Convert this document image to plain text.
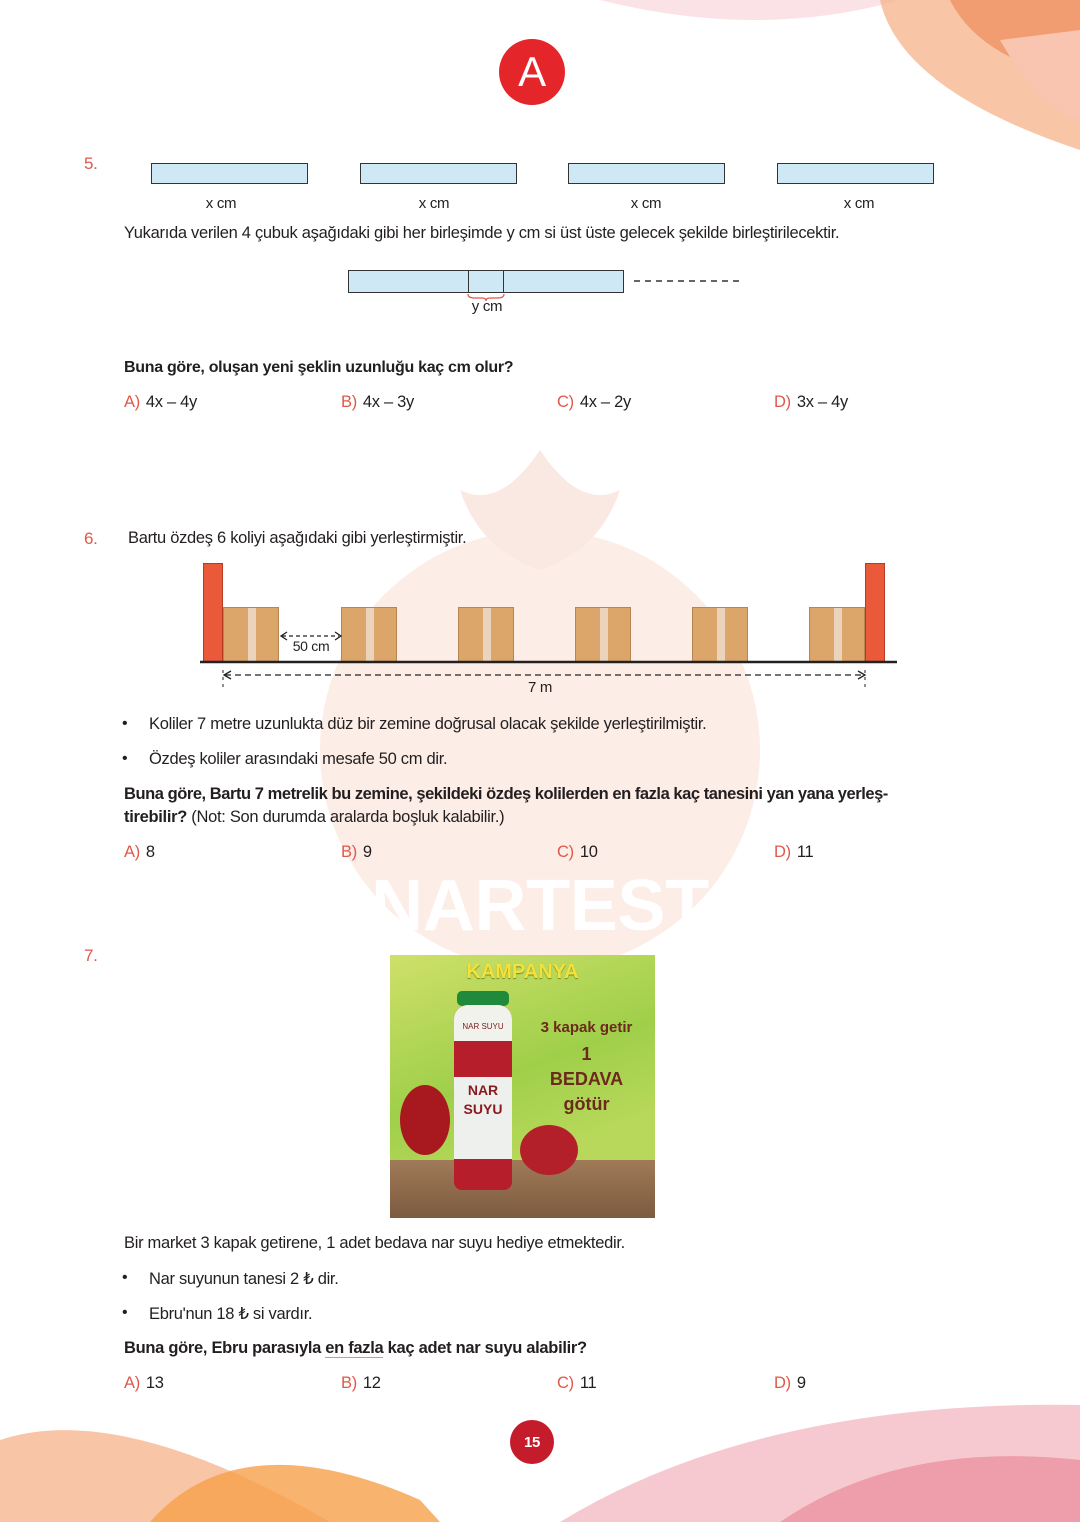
NARTEST
A
5.
x cm	x cm	x cm	x cm
Yukarıda verilen 4 çubuk aşağıdaki gibi her birleşimde y cm si üst üste gelecek şekilde birleştirilecektir.
y cm
Buna göre, oluşan yeni şeklin uzunluğu kaç cm olur?
A) 4x – 4y	B) 4x – 3y	C) 4x – 2y	D) 3x – 4y
6. Bartu özdeş 6 koliyi aşağıdaki gibi yerleştirmiştir.
50 cm
7 m
• Koliler 7 metre uzunlukta düz bir zemine doğrusal olacak şekilde yerleştirilmiştir.
• Özdeş koliler arasındaki mesafe 50 cm dir.
Buna göre, Bartu 7 metrelik bu zemine, şekildeki özdeş kolilerden en fazla kaç tanesini yan yana yerleş-
tirebilir? (Not: Son durumda aralarda boşluk kalabilir.)
A) 8	B) 9	C) 10	D) 11
7.
KAMPANYA
NAR SUYU
NAR
SUYU
3 kapak getir
1
BEDAVA
götür
Bir market 3 kapak getirene, 1 adet bedava nar suyu hediye etmektedir.
• Nar suyunun tanesi 2 ₺ dir.
• Ebru'nun 18 ₺ si vardır.
Buna göre, Ebru parasıyla en fazla kaç adet nar suyu alabilir?
A) 13	B) 12	C) 11	D) 9
15
